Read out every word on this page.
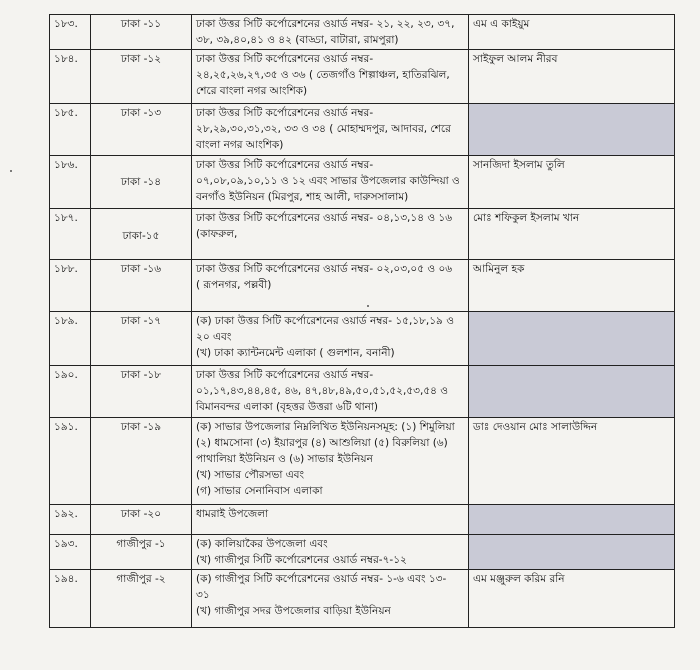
১৮৩.	ঢাকা -১১	ঢাকা উত্তর সিটি কর্পোরেশনের ওয়ার্ড নম্বর- ২১, ২২, ২৩, ৩৭,
৩৮, ৩৯,৪০,৪১ ও ৪২ (বাড্ডা, বাটারা, রামপুরা)	এম এ কাইয়ুম
১৮৪.	ঢাকা -১২	ঢাকা উত্তর সিটি কর্পোরেশনের ওয়ার্ড নম্বর-
২৪,২৫,২৬,২৭,৩৫ ও ৩৬ ( তেজগাঁও শিল্পাঞ্চল, হাতিরঝিল,
শেরে বাংলা নগর আংশিক)	সাইফুল আলম নীরব
১৮৫.	ঢাকা -১৩	ঢাকা উত্তর সিটি কর্পোরেশনের ওয়ার্ড নম্বর-
২৮,২৯,৩০,৩১,৩২, ৩৩ ও ৩৪ ( মোহাম্মদপুর, আদাবর, শেরে
বাংলা নগর আংশিক)	

১৮৬.	ঢাকা -১৪	ঢাকা উত্তর সিটি কর্পোরেশনের ওয়ার্ড নম্বর-
০৭,০৮,০৯,১০,১১ ও ১২ এবং সাভার উপজেলার কাউন্দিয়া ও
বনগাঁও ইউনিয়ন (মিরপুর, শাহ আলী, দারুসসালাম)	সানজিদা ইসলাম তুলি
১৮৭.	ঢাকা-১৫	ঢাকা উত্তর সিটি কর্পোরেশনের ওয়ার্ড নম্বর- ০৪,১৩,১৪ ও ১৬
(কাফরুল,	মোঃ শফিকুল ইসলাম খান
১৮৮.	ঢাকা -১৬	ঢাকা উত্তর সিটি কর্পোরেশনের ওয়ার্ড নম্বর- ০২,০৩,০৫ ও ০৬
( রূপনগর, পল্লবী)	আমিনুল হক
১৮৯.	ঢাকা -১৭	(ক) ঢাকা উত্তর সিটি কর্পোরেশনের ওয়ার্ড নম্বর- ১৫,১৮,১৯ ও
২০ এবং
(খ) ঢাকা ক্যান্টনমেন্ট এলাকা ( গুলশান, বনানী)	

১৯০.	ঢাকা -১৮	ঢাকা উত্তর সিটি কর্পোরেশনের ওয়ার্ড নম্বর-
০১,১৭,৪৩,৪৪,৪৫, ৪৬, ৪৭,৪৮,৪৯,৫০,৫১,৫২,৫৩,৫৪ ও
বিমানবন্দর এলাকা (বৃহত্তর উত্তরা ৬টি থানা)	

১৯১.	ঢাকা -১৯	(ক) সাভার উপজেলার নিম্নলিখিত ইউনিয়নসমূহ: (১) শিমুলিয়া
(২) ধামসোনা (৩) ইয়ারপুর (৪) আশুলিয়া (৫) বিরুলিয়া (৬)
পাথালিয়া ইউনিয়ন ও (৬) সাভার ইউনিয়ন
(খ) সাভার পৌরসভা এবং
(গ) সাভার সেনানিবাস এলাকা	ডাঃ দেওয়ান মোঃ সালাউদ্দিন
১৯২.	ঢাকা -২০	ধামরাই উপজেলা	

১৯৩.	গাজীপুর -১	(ক) কালিয়াকৈর উপজেলা এবং
(খ) গাজীপুর সিটি কর্পোরেশনের ওয়ার্ড নম্বর-৭-১২	

১৯৪.	গাজীপুর -২	(ক) গাজীপুর সিটি কর্পোরেশনের ওয়ার্ড নম্বর- ১-৬ এবং ১৩-
৩১
(খ) গাজীপুর সদর উপজেলার বাড়িয়া ইউনিয়ন	এম মঞ্জুরুল করিম রনি
